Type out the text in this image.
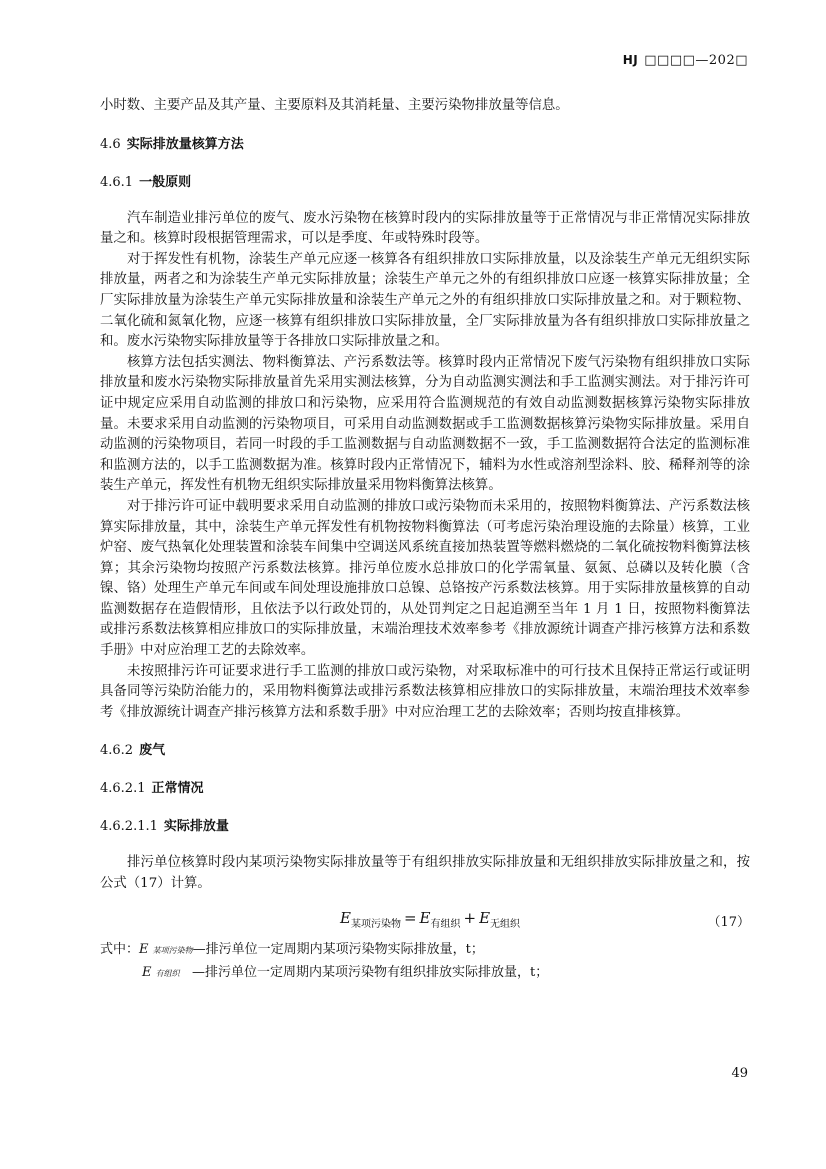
HJ □□□□—202□

小时数、主要产品及其产量、主要原料及其消耗量、主要污染物排放量等信息。

4.6 实际排放量核算方法
4.6.1 一般原则

汽车制造业排污单位的废气、废水污染物在核算时段内的实际排放量等于正常情况与非正常情况实际排放量之和。核算时段根据管理需求，可以是季度、年或特殊时段等。

对于挥发性有机物，涂装生产单元应逐一核算各有组织排放口实际排放量，以及涂装生产单元无组织实际排放量，两者之和为涂装生产单元实际排放量；涂装生产单元之外的有组织排放口应逐一核算实际排放量；全厂实际排放量为涂装生产单元实际排放量和涂装生产单元之外的有组织排放口实际排放量之和。对于颗粒物、二氧化硫和氮氧化物，应逐一核算有组织排放口实际排放量，全厂实际排放量为各有组织排放口实际排放量之和。废水污染物实际排放量等于各排放口实际排放量之和。

核算方法包括实测法、物料衡算法、产污系数法等。核算时段内正常情况下废气污染物有组织排放口实际排放量和废水污染物实际排放量首先采用实测法核算，分为自动监测实测法和手工监测实测法。对于排污许可证中规定应采用自动监测的排放口和污染物，应采用符合监测规范的有效自动监测数据核算污染物实际排放量。未要求采用自动监测的污染物项目，可采用自动监测数据或手工监测数据核算污染物实际排放量。采用自动监测的污染物项目，若同一时段的手工监测数据与自动监测数据不一致，手工监测数据符合法定的监测标准和监测方法的，以手工监测数据为准。核算时段内正常情况下，辅料为水性或溶剂型涂料、胶、稀释剂等的涂装生产单元，挥发性有机物无组织实际排放量采用物料衡算法核算。

对于排污许可证中载明要求采用自动监测的排放口或污染物而未采用的，按照物料衡算法、产污系数法核算实际排放量，其中，涂装生产单元挥发性有机物按物料衡算法（可考虑污染治理设施的去除量）核算，工业炉窑、废气热氧化处理装置和涂装车间集中空调送风系统直接加热装置等燃料燃烧的二氧化硫按物料衡算法核算；其余污染物均按照产污系数法核算。排污单位废水总排放口的化学需氧量、氨氮、总磷以及转化膜（含镍、铬）处理生产单元车间或车间处理设施排放口总镍、总铬按产污系数法核算。用于实际排放量核算的自动监测数据存在造假情形，且依法予以行政处罚的，从处罚判定之日起追溯至当年 1 月 1 日，按照物料衡算法或排污系数法核算相应排放口的实际排放量，末端治理技术效率参考《排放源统计调查产排污核算方法和系数手册》中对应治理工艺的去除效率。

未按照排污许可证要求进行手工监测的排放口或污染物，对采取标准中的可行技术且保持正常运行或证明具备同等污染防治能力的，采用物料衡算法或排污系数法核算相应排放口的实际排放量，末端治理技术效率参考《排放源统计调查产排污核算方法和系数手册》中对应治理工艺的去除效率；否则均按直排核算。

4.6.2 废气
4.6.2.1 正常情况
4.6.2.1.1 实际排放量

排污单位核算时段内某项污染物实际排放量等于有组织排放实际排放量和无组织排放实际排放量之和，按公式（17）计算。

$E_{某项污染物} = E_{有组织} + E_{无组织}$	（17）
式中：E 某项污染物—排污单位一定周期内某项污染物实际排放量，t；
E 有组织 —排污单位一定周期内某项污染物有组织排放实际排放量，t；
49
